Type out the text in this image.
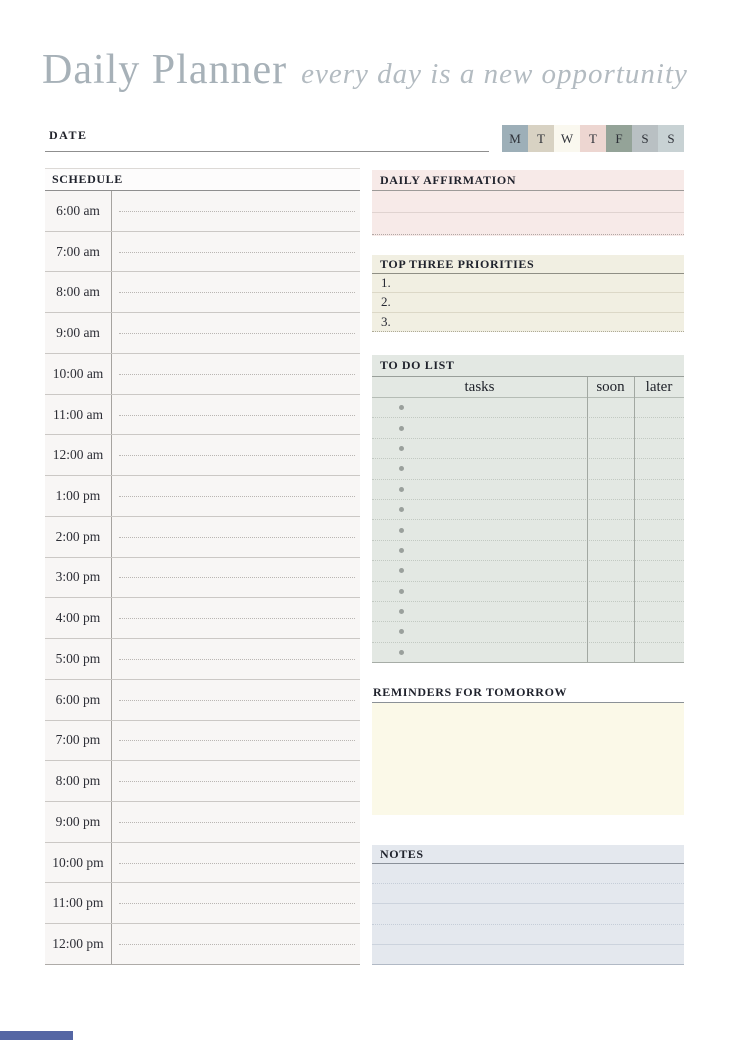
Daily Planner every day is a new opportunity
DATE	M	T	W	T	F	S	S
SCHEDULE
6:00 am
7:00 am
8:00 am
9:00 am
10:00 am
11:00 am
12:00 am
1:00 pm
2:00 pm
3:00 pm
4:00 pm
5:00 pm
6:00 pm
7:00 pm
8:00 pm
9:00 pm
10:00 pm
11:00 pm
12:00 pm
DAILY AFFIRMATION
TOP THREE PRIORITIES
1.
2.
3.
TO DO LIST
tasks	soon	later
REMINDERS FOR TOMORROW
NOTES
